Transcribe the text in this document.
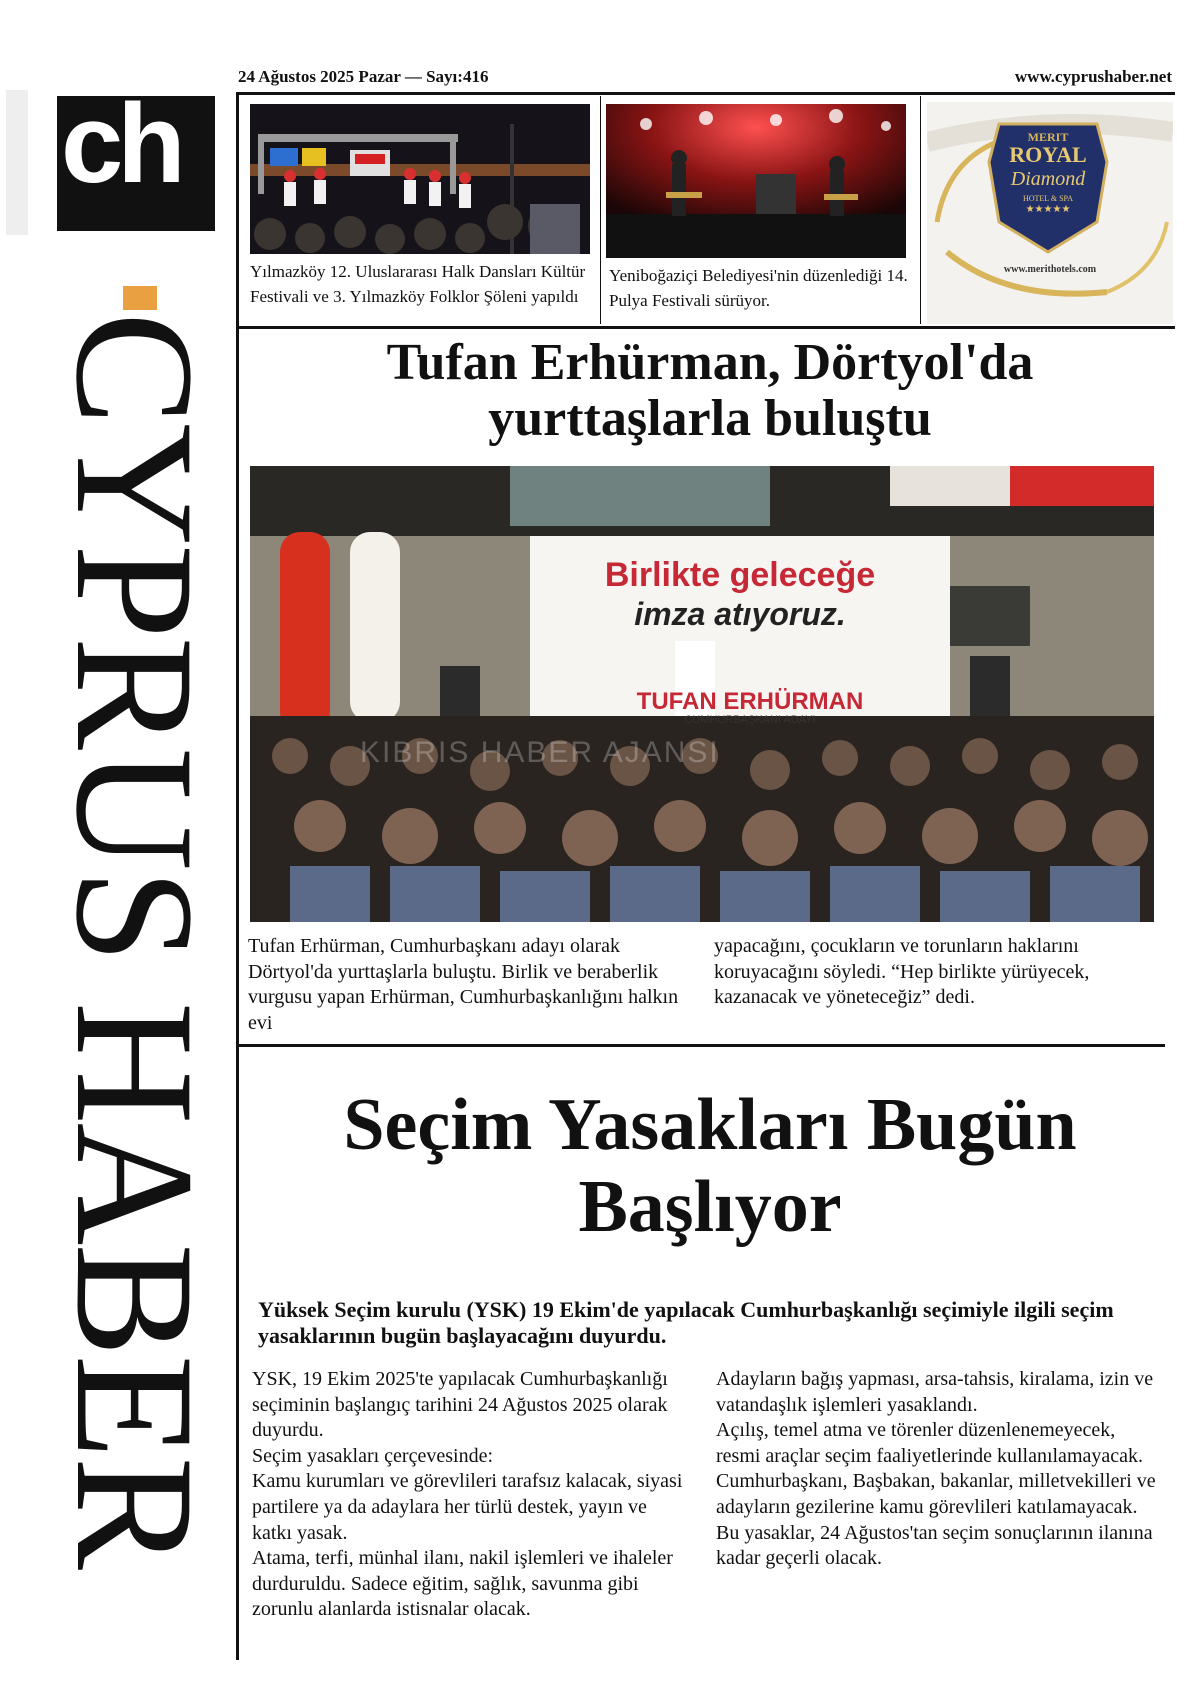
ch
CYPRUS HABER
24 Ağustos 2025 Pazar — Sayı:416	www.cyprushaber.net
Yılmazköy 12. Uluslararası Halk Dansları Kültür Festivali ve 3. Yılmazköy Folklor Şöleni yapıldı
Yeniboğaziçi Belediyesi'nin düzenlediği 14. Pulya Festivali sürüyor.
MERIT
ROYAL
Diamond
HOTEL & SPA
★★★★★
www.merithotels.com
Tufan Erhürman, Dörtyol'da yurttaşlarla buluştu
Birlikte geleceğe
imza atıyoruz.
TUFAN ERHÜRMAN
CUMHURBAŞKANI ADAYI
KIBRIS HABER AJANSI
Tufan Erhürman, Cumhurbaşkanı adayı olarak Dörtyol'da yurttaşlarla buluştu. Birlik ve beraberlik vurgusu yapan Erhürman, Cumhurbaşkanlığını halkın evi
yapacağını, çocukların ve torunların haklarını koruyacağını söyledi. “Hep birlikte yürüyecek, kazanacak ve yöneteceğiz” dedi.
Seçim Yasakları Bugün Başlıyor
Yüksek Seçim kurulu (YSK) 19 Ekim'de yapılacak Cumhurbaşkanlığı seçimiyle ilgili seçim yasaklarının bugün başlayacağını duyurdu.

YSK, 19 Ekim 2025'te yapılacak Cumhurbaşkanlığı seçiminin başlangıç tarihini 24 Ağustos 2025 olarak duyurdu.

Seçim yasakları çerçevesinde:

Kamu kurumları ve görevlileri tarafsız kalacak, siyasi partilere ya da adaylara her türlü destek, yayın ve katkı yasak.

Atama, terfi, münhal ilanı, nakil işlemleri ve ihaleler durduruldu. Sadece eğitim, sağlık, savunma gibi zorunlu alanlarda istisnalar olacak.

Adayların bağış yapması, arsa-tahsis, kiralama, izin ve vatandaşlık işlemleri yasaklandı.

Açılış, temel atma ve törenler düzenlenemeyecek, resmi araçlar seçim faaliyetlerinde kullanılamayacak.

Cumhurbaşkanı, Başbakan, bakanlar, milletvekilleri ve adayların gezilerine kamu görevlileri katılamayacak.

Bu yasaklar, 24 Ağustos'tan seçim sonuçlarının ilanına kadar geçerli olacak.
